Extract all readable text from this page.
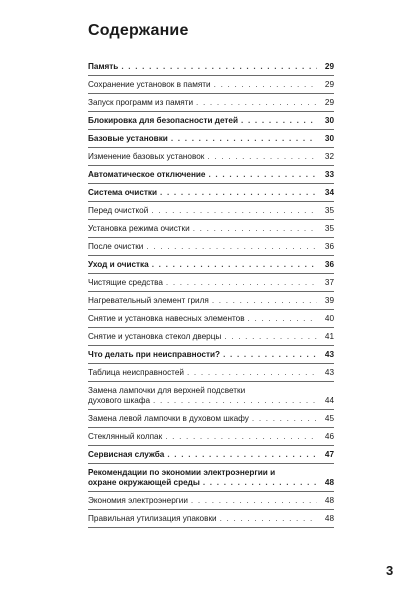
Содержание
Память . . .	29
Сохранение установок в памяти . . .	29
Запуск программ из памяти . . .	29
Блокировка для безопасности детей . . .	30
Базовые установки . . .	30
Изменение базовых установок . . .	32
Автоматическое отключение . . .	33
Система очистки . . .	34
Перед очисткой . . .	35
Установка режима очистки . . .	35
После очистки . . .	36
Уход и очистка . . .	36
Чистящие средства . . .	37
Нагревательный элемент гриля . . .	39
Снятие и установка навесных элементов . . .	40
Снятие и установка стекол дверцы . . .	41
Что делать при неисправности? . . .	43
Таблица неисправностей . . .	43
Замена лампочки для верхней подсветки
духового шкафа . . .	44
Замена левой лампочки в духовом шкафу . . .	45
Стеклянный колпак . . .	46
Сервисная служба . . .	47
Рекомендации по экономии электроэнергии и
охране окружающей среды . . .	48
Экономия электроэнергии . . .	48
Правильная утилизация упаковки . . .	48
3
